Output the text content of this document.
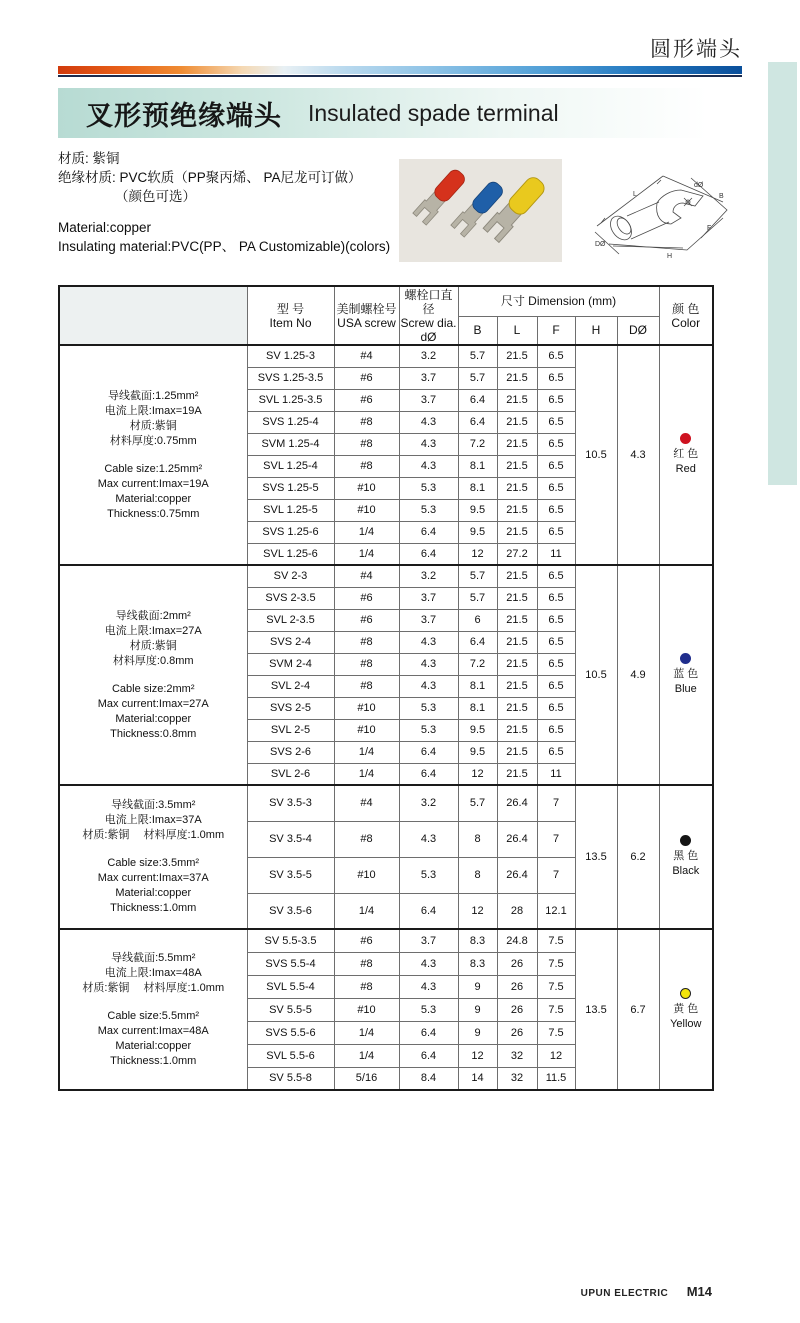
圆形端头
叉形预绝缘端头 Insulated spade terminal
材质: 紫铜
绝缘材质: PVC软质（PP聚丙烯、 PA尼龙可订做）
（颜色可选）
Material:copper
Insulating material:PVC(PP、 PA Customizable)(colors)
L	B
dØ
F
H
DØ

型 号
Item No

美制螺栓号
USA screw

螺栓口直径
Screw dia.
dØ
	尺寸 Dimension (mm)	
颜 色
Color

				B	L	F	H	DØ	

导线截面:1.25mm²
电流上限:Imax=19A
材质:紫铜
材料厚度:0.75mm
Cable size:1.25mm²
Max current:Imax=19A
Material:copper
Thickness:0.75mm
	SV 1.25-3	#4	3.2	5.7	21.5	6.5	10.5	4.3	红 色
Red

	SVS 1.25-3.5	#6	3.7	5.7	21.5	6.5			
	SVL 1.25-3.5	#6	3.7	6.4	21.5	6.5			
	SVS 1.25-4	#8	4.3	6.4	21.5	6.5			
	SVM 1.25-4	#8	4.3	7.2	21.5	6.5			
	SVL 1.25-4	#8	4.3	8.1	21.5	6.5			
	SVS 1.25-5	#10	5.3	8.1	21.5	6.5			
	SVL 1.25-5	#10	5.3	9.5	21.5	6.5			
	SVS 1.25-6	1/4	6.4	9.5	21.5	6.5			
	SVL 1.25-6	1/4	6.4	12	27.2	11			

导线截面:2mm²
电流上限:Imax=27A
材质:紫铜
材料厚度:0.8mm
Cable size:2mm²
Max current:Imax=27A
Material:copper
Thickness:0.8mm
	SV 2-3	#4	3.2	5.7	21.5	6.5	10.5	4.9	蓝 色
Blue

	SVS 2-3.5	#6	3.7	5.7	21.5	6.5			
	SVL 2-3.5	#6	3.7	6	21.5	6.5			
	SVS 2-4	#8	4.3	6.4	21.5	6.5			
	SVM 2-4	#8	4.3	7.2	21.5	6.5			
	SVL 2-4	#8	4.3	8.1	21.5	6.5			
	SVS 2-5	#10	5.3	8.1	21.5	6.5			
	SVL 2-5	#10	5.3	9.5	21.5	6.5			
	SVS 2-6	1/4	6.4	9.5	21.5	6.5			
	SVL 2-6	1/4	6.4	12	21.5	11			

导线截面:3.5mm²
电流上限:Imax=37A
材质:紫铜　 材料厚度:1.0mm
Cable size:3.5mm²
Max current:Imax=37A
Material:copper
Thickness:1.0mm
	SV 3.5-3	#4	3.2	5.7	26.4	7	13.5	6.2	黑 色
Black

	SV 3.5-4	#8	4.3	8	26.4	7			
	SV 3.5-5	#10	5.3	8	26.4	7			
	SV 3.5-6	1/4	6.4	12	28	12.1			

导线截面:5.5mm²
电流上限:Imax=48A
材质:紫铜　 材料厚度:1.0mm
Cable size:5.5mm²
Max current:Imax=48A
Material:copper
Thickness:1.0mm
	SV 5.5-3.5	#6	3.7	8.3	24.8	7.5	13.5	6.7	黄 色
Yellow

	SVS 5.5-4	#8	4.3	8.3	26	7.5			
	SVL 5.5-4	#8	4.3	9	26	7.5			
	SV 5.5-5	#10	5.3	9	26	7.5			
	SVS 5.5-6	1/4	6.4	9	26	7.5			
	SVL 5.5-6	1/4	6.4	12	32	12			
	SV 5.5-8	5/16	8.4	14	32	11.5			
UPUN ELECTRIC M14
